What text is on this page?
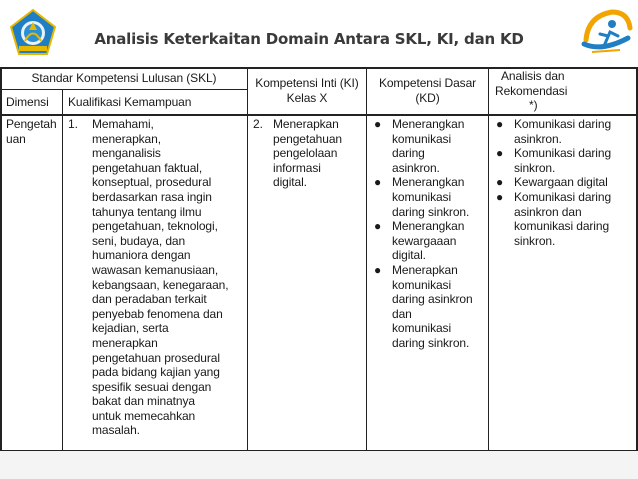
Analisis Keterkaitan Domain Antara SKL, KI, dan KD
Standar Kompetensi Lulusan (SKL)
Dimensi	Kualifikasi Kemampuan
Kompetensi Inti (KI)
Kelas X
Kompetensi Dasar
(KD)
Analisis dan
Rekomendasi
*)
Pengetah
uan
1. Memahami,
menerapkan,
menganalisis
pengetahuan faktual,
konseptual, prosedural
berdasarkan rasa ingin
tahunya tentang ilmu
pengetahuan, teknologi,
seni, budaya, dan
humaniora dengan
wawasan kemanusiaan,
kebangsaan, kenegaraan,
dan peradaban terkait
penyebab fenomena dan
kejadian, serta
menerapkan
pengetahuan prosedural
pada bidang kajian yang
spesifik sesuai dengan
bakat dan minatnya
untuk memecahkan
masalah.
2. Menerapkan
pengetahuan
pengelolaan
informasi
digital.
● Menerangkan
komunikasi
daring
asinkron.
● Menerangkan
komunikasi
daring sinkron.
● Menerangkan
kewargaaan
digital.
● Menerapkan
komunikasi
daring asinkron
dan
komunikasi
daring sinkron.
● Komunikasi daring
asinkron.
● Komunikasi daring
sinkron.
● Kewargaan digital
● Komunikasi daring
asinkron dan
komunikasi daring
sinkron.
